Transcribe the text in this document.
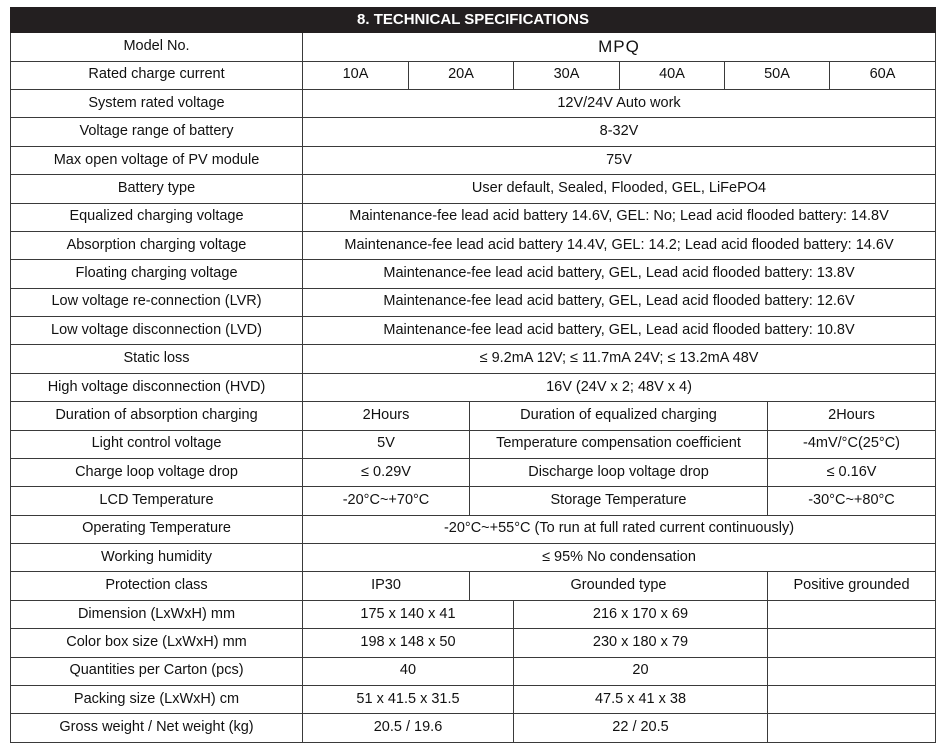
8. TECHNICAL SPECIFICATIONS								
Model No.	MPQ							
Rated charge current	10A	20A		30A	40A	50A		60A
System rated voltage	12V/24V Auto work							
Voltage range of battery	8-32V							
Max open voltage of PV module	75V							
Battery type	User default, Sealed, Flooded, GEL, LiFePO4							
Equalized charging voltage	Maintenance-fee lead acid battery 14.6V, GEL: No; Lead acid flooded battery: 14.8V							
Absorption charging voltage	Maintenance-fee lead acid battery 14.4V, GEL: 14.2; Lead acid flooded battery: 14.6V							
Floating charging voltage	Maintenance-fee lead acid battery, GEL, Lead acid flooded battery: 13.8V							
Low voltage re-connection (LVR)	Maintenance-fee lead acid battery, GEL, Lead acid flooded battery: 12.6V							
Low voltage disconnection (LVD)	Maintenance-fee lead acid battery, GEL, Lead acid flooded battery: 10.8V							
Static loss	≤ 9.2mA 12V; ≤ 11.7mA 24V; ≤ 13.2mA 48V							
High voltage disconnection (HVD)	16V (24V x 2; 48V x 4)							
Duration of absorption charging	2Hours		Duration of equalized charging				2Hours	
Light control voltage	5V		Temperature compensation coefficient				-4mV/°C(25°C)	
Charge loop voltage drop	≤ 0.29V		Discharge loop voltage drop				≤ 0.16V	
LCD Temperature	-20°C~+70°C		Storage Temperature				-30°C~+80°C	
Operating Temperature	-20°C~+55°C (To run at full rated current continuously)							
Working humidity	≤ 95% No condensation							
Protection class	IP30		Grounded type				Positive grounded	
Dimension (LxWxH) mm	175 x 140 x 41			216 x 170 x 69				
Color box size (LxWxH) mm	198 x 148 x 50			230 x 180 x 79				
Quantities per Carton (pcs)	40			20				
Packing size (LxWxH) cm	51 x 41.5 x 31.5			47.5 x 41 x 38				
Gross weight / Net weight (kg)	20.5 / 19.6			22 / 20.5				
